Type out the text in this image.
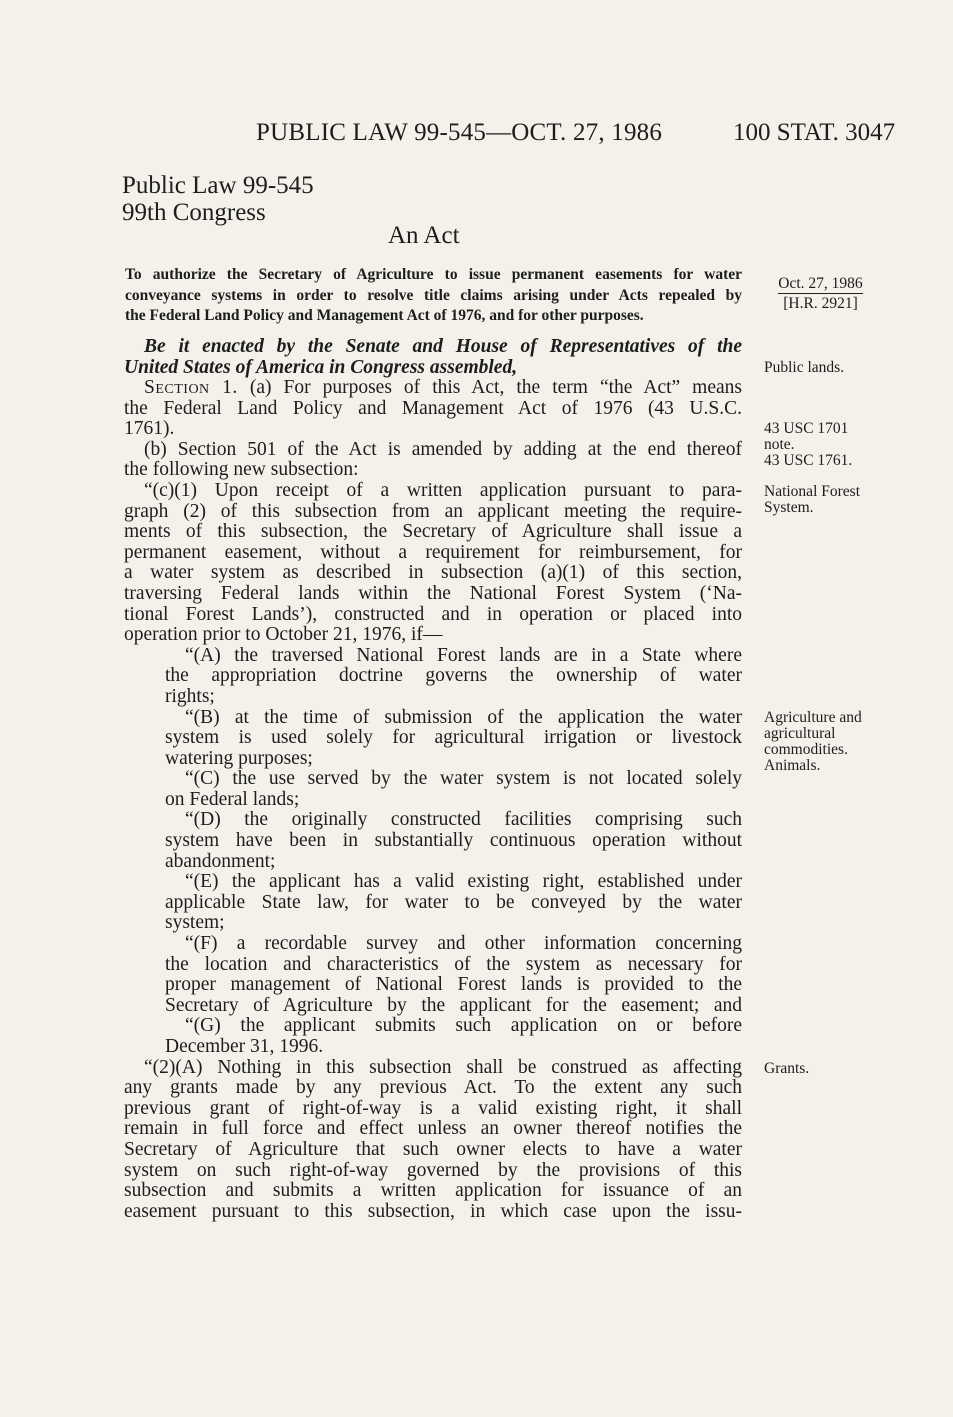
PUBLIC LAW 99-545—OCT. 27, 1986	100 STAT. 3047
Public Law 99-545
99th Congress
An Act
To authorize the Secretary of Agriculture to issue permanent easements for water
conveyance systems in order to resolve title claims arising under Acts repealed by
the Federal Land Policy and Management Act of 1976, and for other purposes.
Oct. 27, 1986
[H.R. 2921]
Be it enacted by the Senate and House of Representatives of the
United States of America in Congress assembled,
Section 1. (a) For purposes of this Act, the term “the Act” means
the Federal Land Policy and Management Act of 1976 (43 U.S.C.
1761).
(b) Section 501 of the Act is amended by adding at the end thereof
the following new subsection:
“(c)(1) Upon receipt of a written application pursuant to para-
graph (2) of this subsection from an applicant meeting the require-
ments of this subsection, the Secretary of Agriculture shall issue a
permanent easement, without a requirement for reimbursement, for
a water system as described in subsection (a)(1) of this section,
traversing Federal lands within the National Forest System (‘Na-
tional Forest Lands’), constructed and in operation or placed into
operation prior to October 21, 1976, if—
“(A) the traversed National Forest lands are in a State where
the appropriation doctrine governs the ownership of water
rights;
“(B) at the time of submission of the application the water
system is used solely for agricultural irrigation or livestock
watering purposes;
“(C) the use served by the water system is not located solely
on Federal lands;
“(D) the originally constructed facilities comprising such
system have been in substantially continuous operation without
abandonment;
“(E) the applicant has a valid existing right, established under
applicable State law, for water to be conveyed by the water
system;
“(F) a recordable survey and other information concerning
the location and characteristics of the system as necessary for
proper management of National Forest lands is provided to the
Secretary of Agriculture by the applicant for the easement; and
“(G) the applicant submits such application on or before
December 31, 1996.
“(2)(A) Nothing in this subsection shall be construed as affecting
any grants made by any previous Act. To the extent any such
previous grant of right-of-way is a valid existing right, it shall
remain in full force and effect unless an owner thereof notifies the
Secretary of Agriculture that such owner elects to have a water
system on such right-of-way governed by the provisions of this
subsection and submits a written application for issuance of an
easement pursuant to this subsection, in which case upon the issu-
Public lands.
43 USC 1701
note.
43 USC 1761.
National Forest
System.
Agriculture and
agricultural
commodities.
Animals.
Grants.
